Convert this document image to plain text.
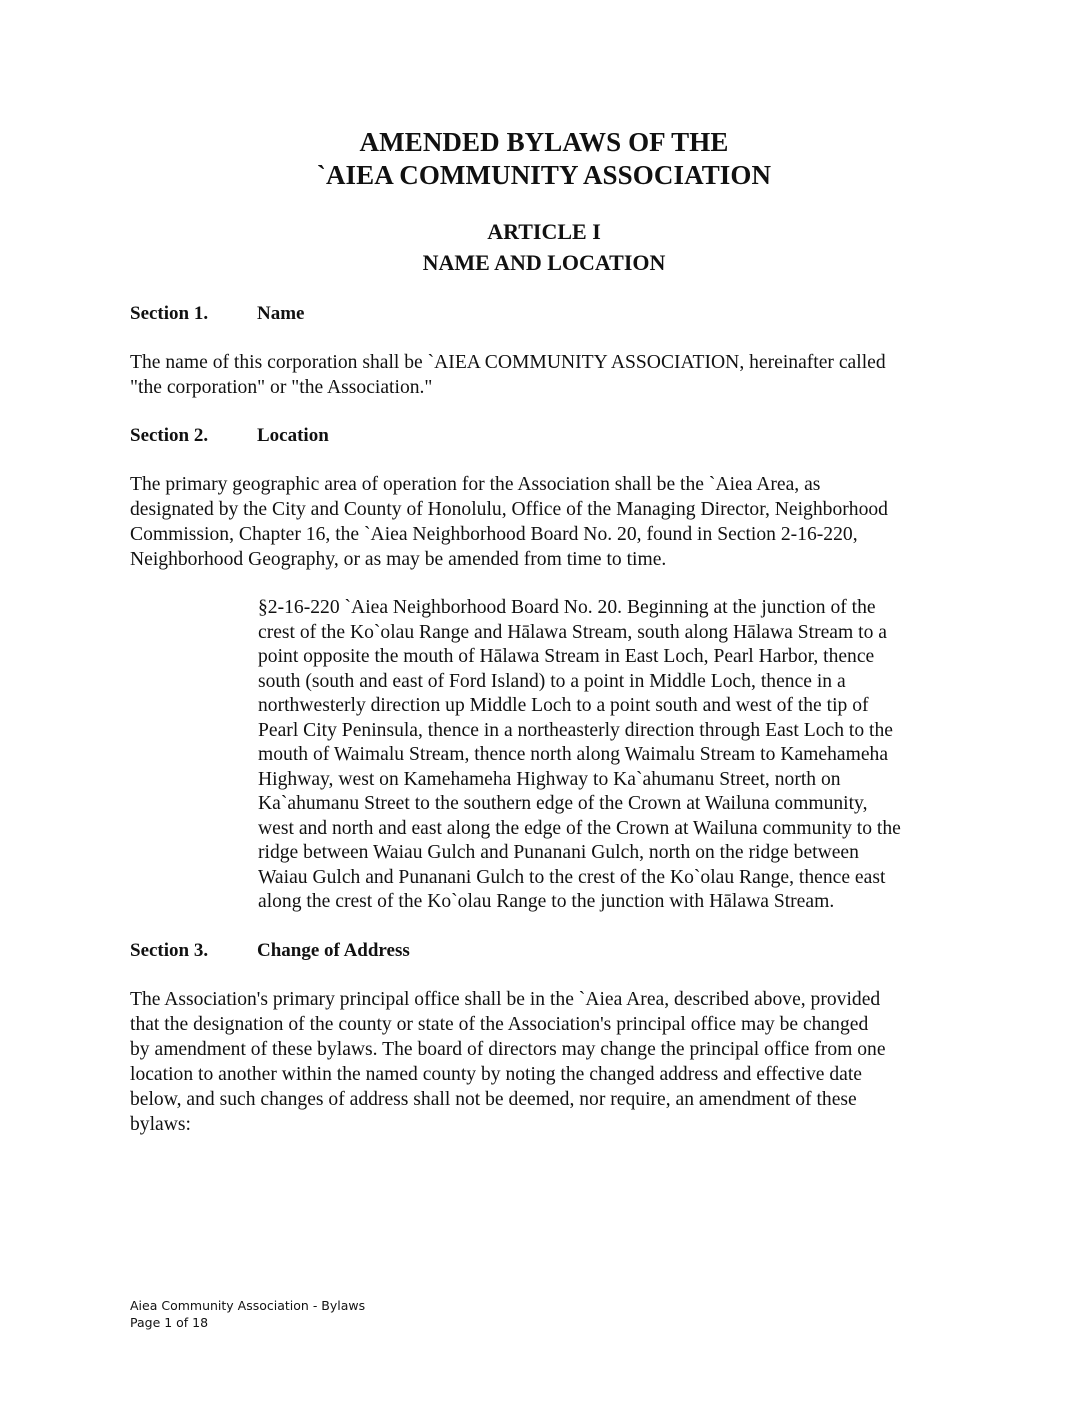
AMENDED BYLAWS OF THE
`AIEA COMMUNITY ASSOCIATION
ARTICLE I
NAME AND LOCATION
Section 1.	Name
The name of this corporation shall be `AIEA COMMUNITY ASSOCIATION, hereinafter called
"the corporation" or "the Association."
Section 2.	Location
The primary geographic area of operation for the Association shall be the `Aiea Area, as
designated by the City and County of Honolulu, Office of the Managing Director, Neighborhood
Commission, Chapter 16, the `Aiea Neighborhood Board No. 20, found in Section 2-16-220,
Neighborhood Geography, or as may be amended from time to time.
§2-16-220 `Aiea Neighborhood Board No. 20. Beginning at the junction of the
crest of the Ko`olau Range and Hālawa Stream, south along Hālawa Stream to a
point opposite the mouth of Hālawa Stream in East Loch, Pearl Harbor, thence
south (south and east of Ford Island) to a point in Middle Loch, thence in a
northwesterly direction up Middle Loch to a point south and west of the tip of
Pearl City Peninsula, thence in a northeasterly direction through East Loch to the
mouth of Waimalu Stream, thence north along Waimalu Stream to Kamehameha
Highway, west on Kamehameha Highway to Ka`ahumanu Street, north on
Ka`ahumanu Street to the southern edge of the Crown at Wailuna community,
west and north and east along the edge of the Crown at Wailuna community to the
ridge between Waiau Gulch and Punanani Gulch, north on the ridge between
Waiau Gulch and Punanani Gulch to the crest of the Ko`olau Range, thence east
along the crest of the Ko`olau Range to the junction with Hālawa Stream.
Section 3.	Change of Address
The Association's primary principal office shall be in the `Aiea Area, described above, provided
that the designation of the county or state of the Association's principal office may be changed
by amendment of these bylaws. The board of directors may change the principal office from one
location to another within the named county by noting the changed address and effective date
below, and such changes of address shall not be deemed, nor require, an amendment of these
bylaws:
Aiea Community Association - Bylaws
Page 1 of 18
